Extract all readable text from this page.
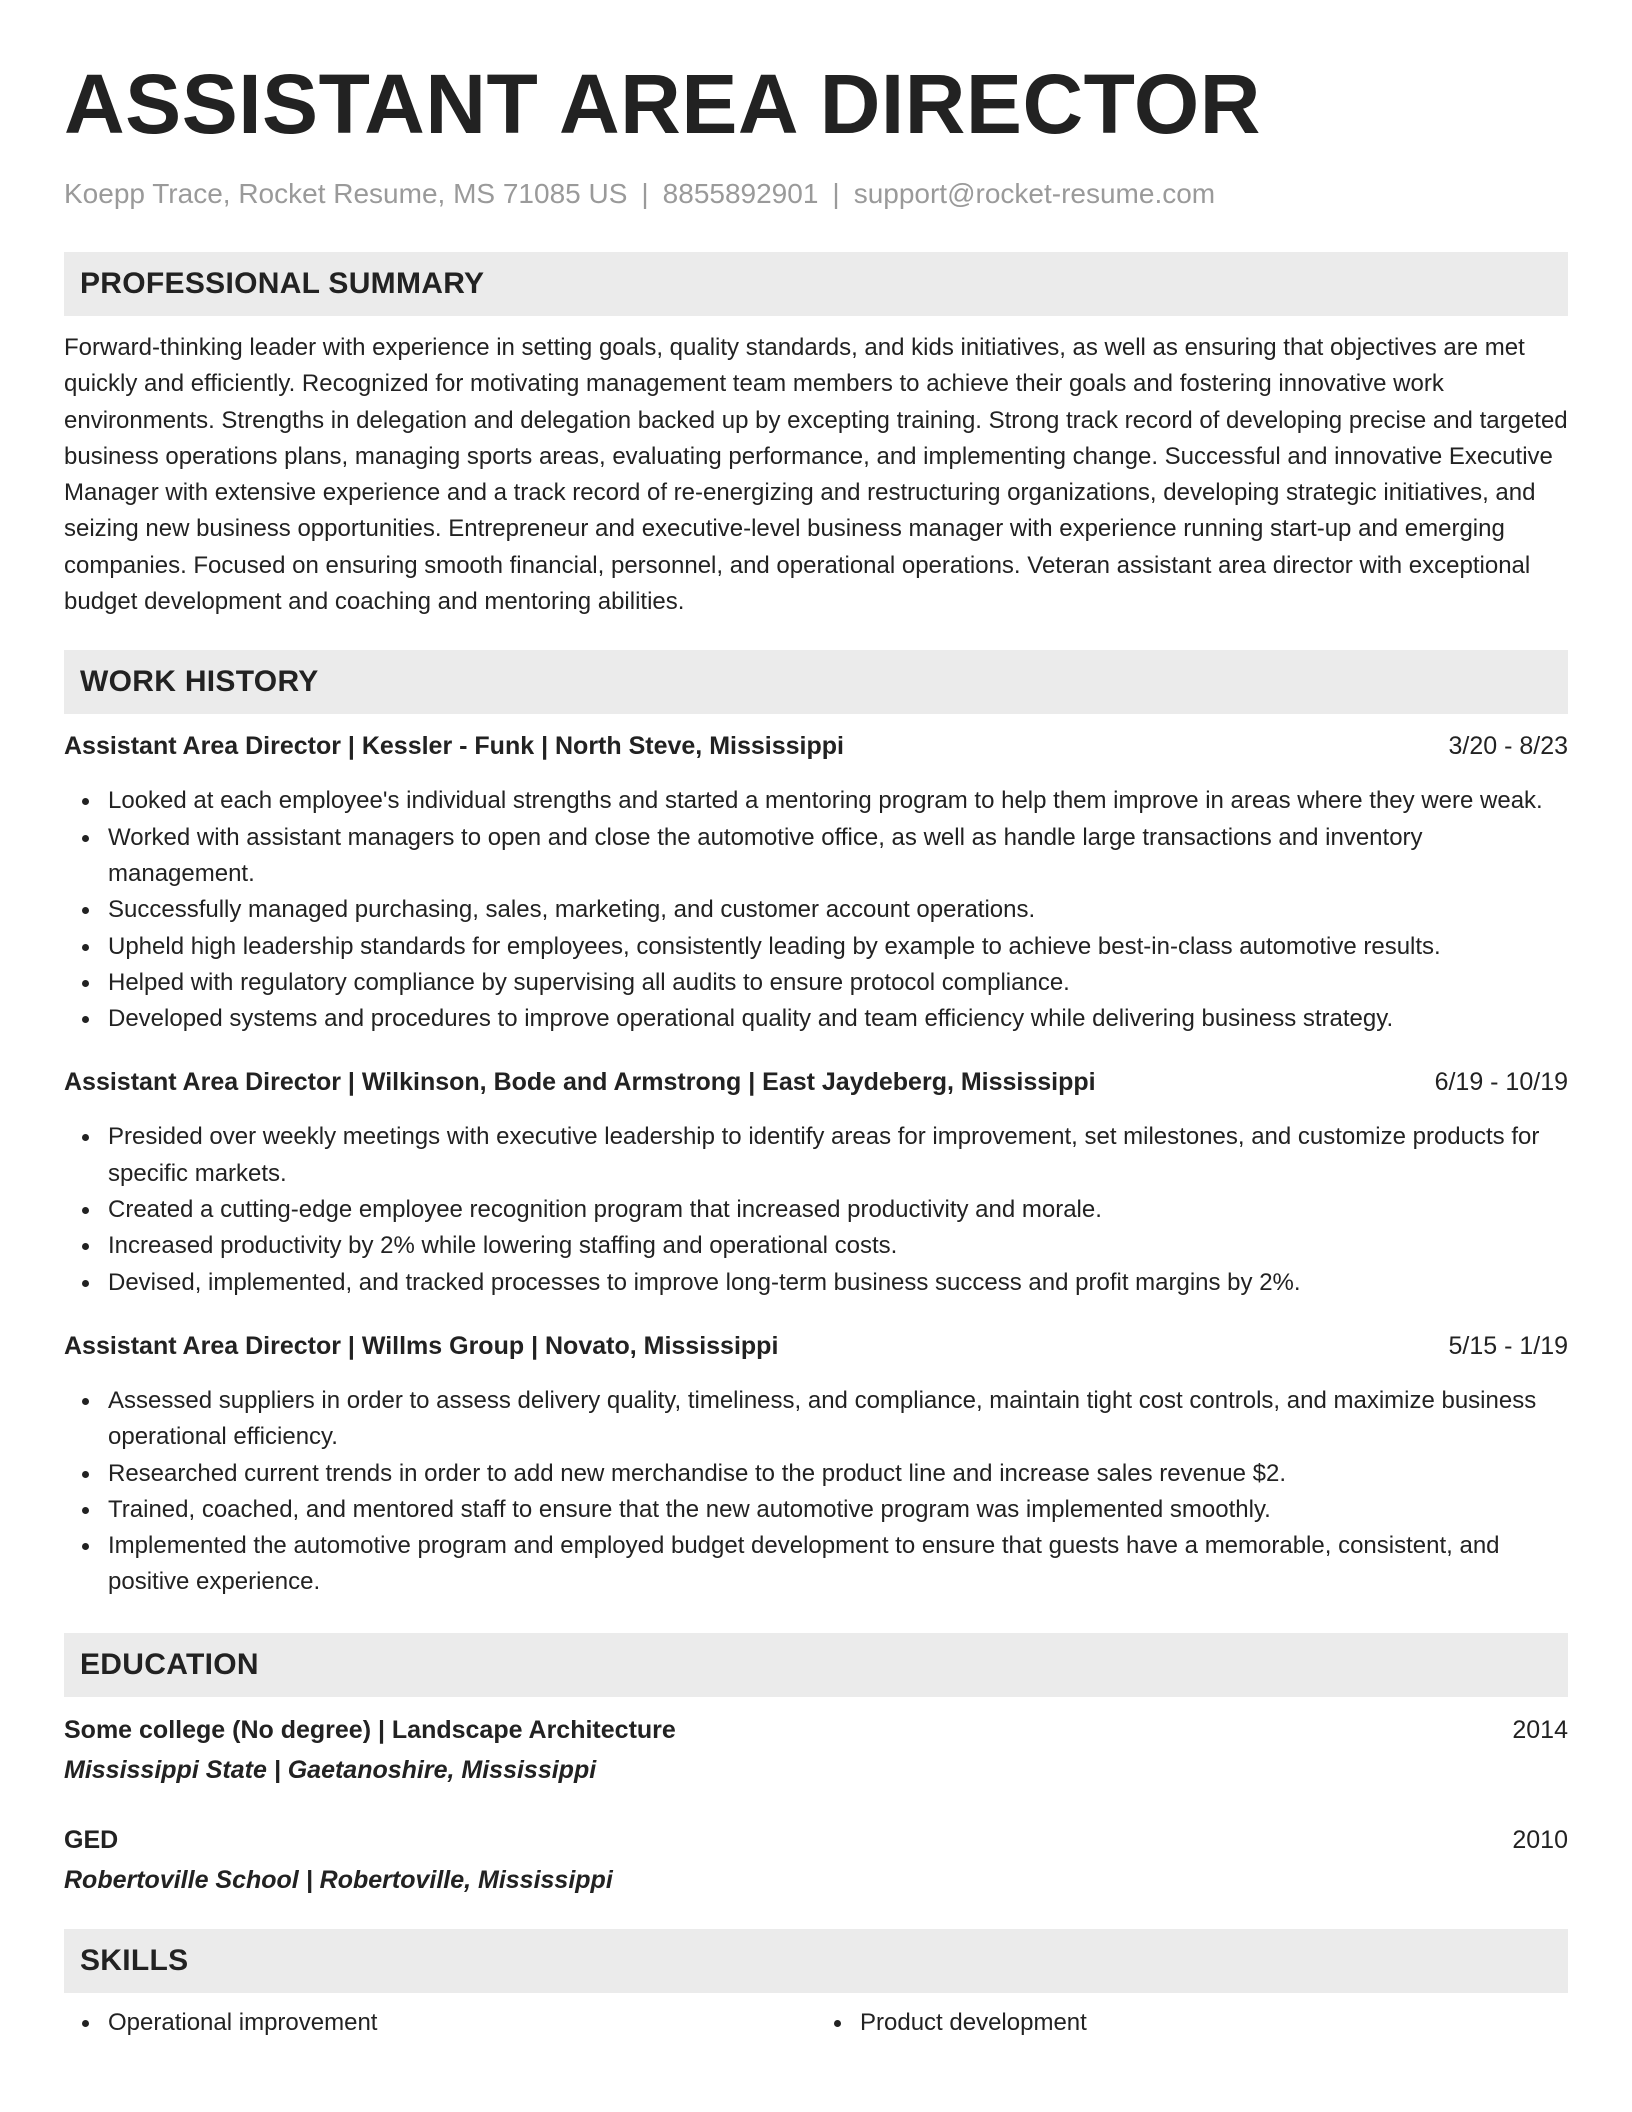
ASSISTANT AREA DIRECTOR
Koepp Trace, Rocket Resume, MS 71085 US | 8855892901 | support@rocket-resume.com
PROFESSIONAL SUMMARY

Forward-thinking leader with experience in setting goals, quality standards, and kids initiatives, as well as ensuring that objectives are met quickly and efficiently. Recognized for motivating management team members to achieve their goals and fostering innovative work environments. Strengths in delegation and delegation backed up by excepting training. Strong track record of developing precise and targeted business operations plans, managing sports areas, evaluating performance, and implementing change. Successful and innovative Executive Manager with extensive experience and a track record of re-energizing and restructuring organizations, developing strategic initiatives, and seizing new business opportunities. Entrepreneur and executive-level business manager with experience running start-up and emerging companies. Focused on ensuring smooth financial, personnel, and operational operations. Veteran assistant area director with exceptional budget development and coaching and mentoring abilities.

WORK HISTORY
Assistant Area Director | Kessler - Funk | North Steve, Mississippi	3/20 - 8/23
Looked at each employee's individual strengths and started a mentoring program to help them improve in areas where they were weak.
Worked with assistant managers to open and close the automotive office, as well as handle large transactions and inventory management.
Successfully managed purchasing, sales, marketing, and customer account operations.
Upheld high leadership standards for employees, consistently leading by example to achieve best-in-class automotive results.
Helped with regulatory compliance by supervising all audits to ensure protocol compliance.
Developed systems and procedures to improve operational quality and team efficiency while delivering business strategy.
Assistant Area Director | Wilkinson, Bode and Armstrong | East Jaydeberg, Mississippi	6/19 - 10/19
Presided over weekly meetings with executive leadership to identify areas for improvement, set milestones, and customize products for specific markets.
Created a cutting-edge employee recognition program that increased productivity and morale.
Increased productivity by 2% while lowering staffing and operational costs.
Devised, implemented, and tracked processes to improve long-term business success and profit margins by 2%.
Assistant Area Director | Willms Group | Novato, Mississippi	5/15 - 1/19
Assessed suppliers in order to assess delivery quality, timeliness, and compliance, maintain tight cost controls, and maximize business operational efficiency.
Researched current trends in order to add new merchandise to the product line and increase sales revenue $2.
Trained, coached, and mentored staff to ensure that the new automotive program was implemented smoothly.
Implemented the automotive program and employed budget development to ensure that guests have a memorable, consistent, and positive experience.
EDUCATION
Some college (No degree) | Landscape Architecture	2014
Mississippi State | Gaetanoshire, Mississippi
GED	2010
Robertoville School | Robertoville, Mississippi
SKILLS
Operational improvement	Product development
